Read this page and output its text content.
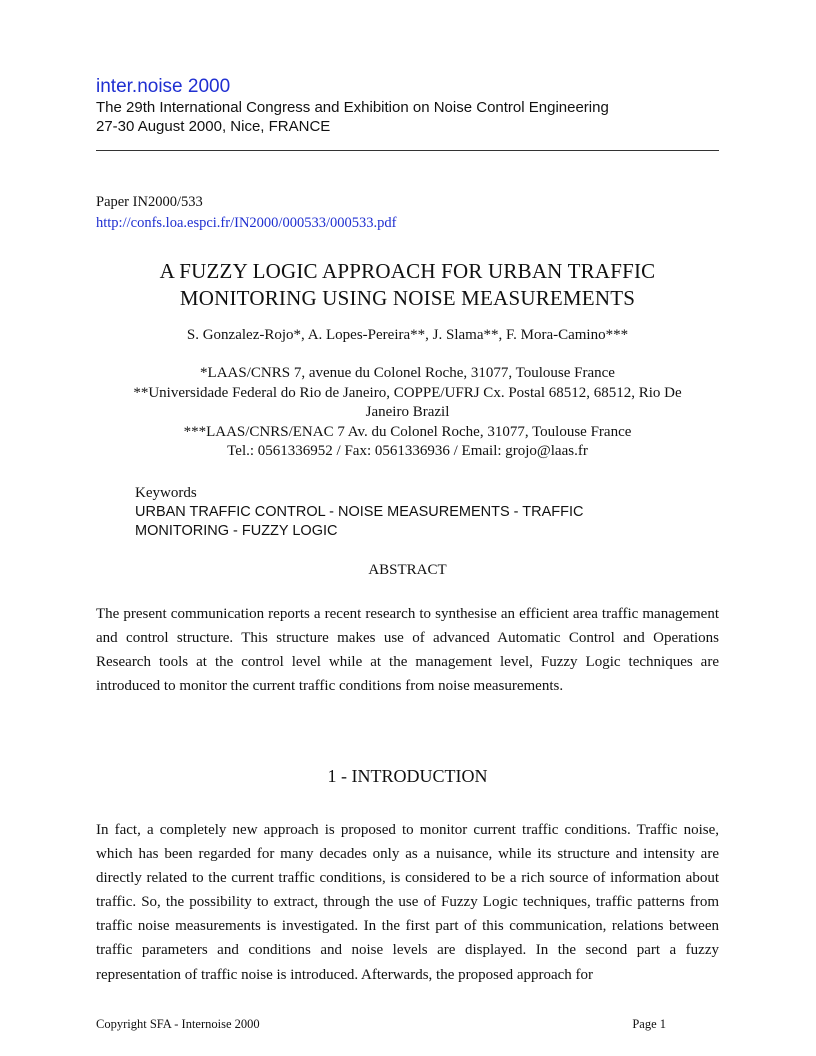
inter.noise 2000
The 29th International Congress and Exhibition on Noise Control Engineering
27-30 August 2000, Nice, FRANCE
Paper IN2000/533
http://confs.loa.espci.fr/IN2000/000533/000533.pdf
A FUZZY LOGIC APPROACH FOR URBAN TRAFFIC
MONITORING USING NOISE MEASUREMENTS
S. Gonzalez-Rojo*, A. Lopes-Pereira**, J. Slama**, F. Mora-Camino***
*LAAS/CNRS 7, avenue du Colonel Roche, 31077, Toulouse France
**Universidade Federal do Rio de Janeiro, COPPE/UFRJ Cx. Postal 68512, 68512, Rio De
Janeiro Brazil
***LAAS/CNRS/ENAC 7 Av. du Colonel Roche, 31077, Toulouse France
Tel.: 0561336952 / Fax: 0561336936 / Email: grojo@laas.fr
Keywords
URBAN TRAFFIC CONTROL - NOISE MEASUREMENTS - TRAFFIC
MONITORING - FUZZY LOGIC
ABSTRACT
The present communication reports a recent research to synthesise an efficient area traffic management and control structure. This structure makes use of advanced Automatic Control and Operations Research tools at the control level while at the management level, Fuzzy Logic techniques are introduced to monitor the current traffic conditions from noise measurements.
1 - INTRODUCTION
In fact, a completely new approach is proposed to monitor current traffic conditions. Traffic noise, which has been regarded for many decades only as a nuisance, while its structure and intensity are directly related to the current traffic conditions, is considered to be a rich source of information about traffic. So, the possibility to extract, through the use of Fuzzy Logic techniques, traffic patterns from traffic noise measurements is investigated. In the first part of this communication, relations between traffic parameters and conditions and noise levels are displayed. In the second part a fuzzy representation of traffic noise is introduced. Afterwards, the proposed approach for
Copyright SFA - Internoise 2000	Page 1
